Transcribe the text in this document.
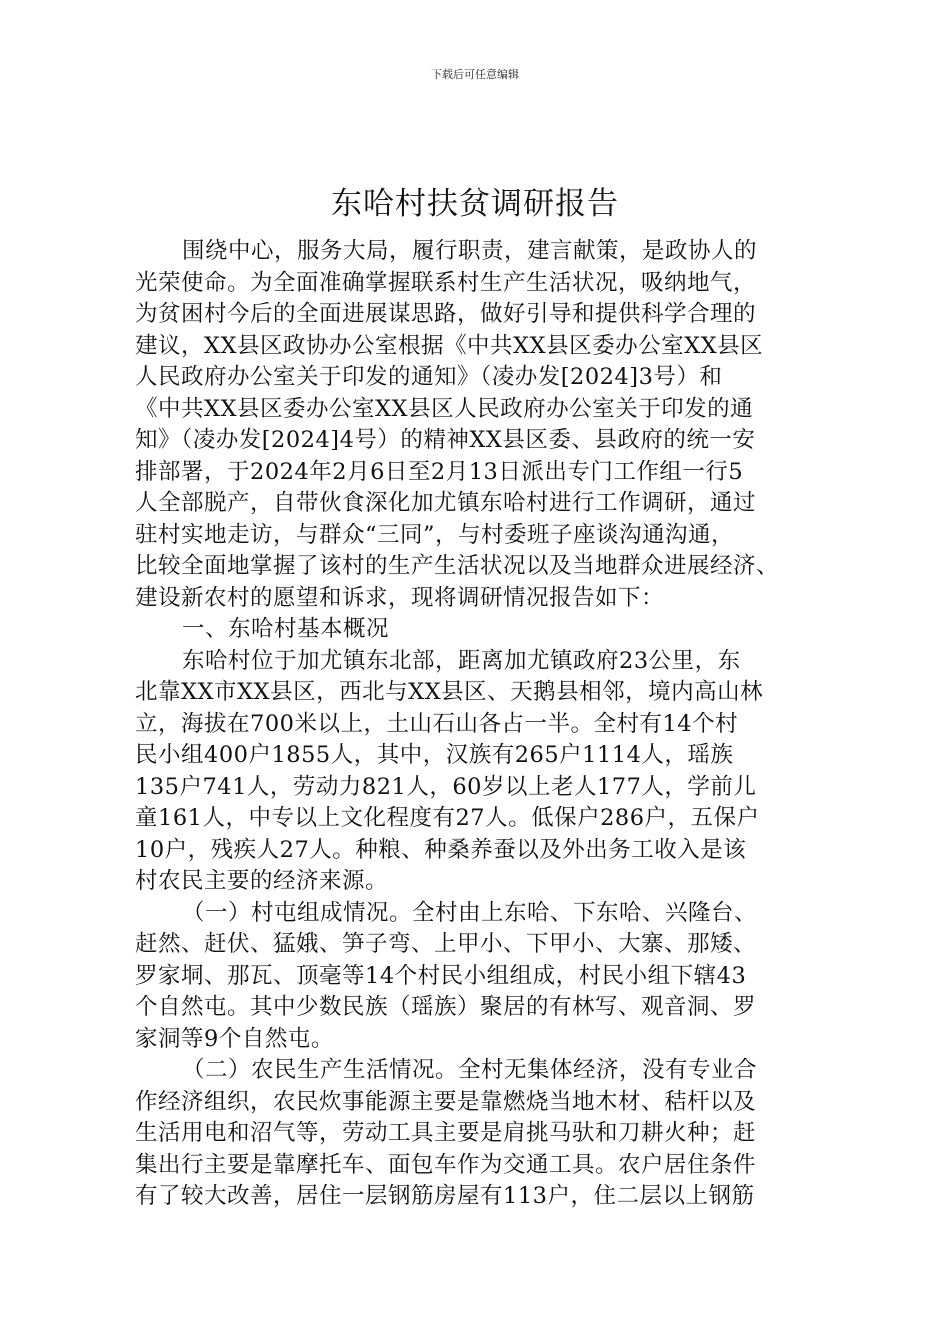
下载后可任意编辑
东哈村扶贫调研报告

围绕中心，服务大局，履行职责，建言献策，是政协人的
光荣使命。为全面准确掌握联系村生产生活状况，吸纳地气，
为贫困村今后的全面进展谋思路，做好引导和提供科学合理的
建议，XX县区政协办公室根据《中共XX县区委办公室XX县区
人民政府办公室关于印发的通知》（凌办发[2024]3号）和
《中共XX县区委办公室XX县区人民政府办公室关于印发的通
知》（凌办发[2024]4号）的精神XX县区委、县政府的统一安
排部署，于2024年2月6日至2月13日派出专门工作组一行5
人全部脱产，自带伙食深化加尤镇东哈村进行工作调研，通过
驻村实地走访，与群众“三同”，与村委班子座谈沟通沟通，
比较全面地掌握了该村的生产生活状况以及当地群众进展经济、
建设新农村的愿望和诉求，现将调研情况报告如下：

一、东哈村基本概况

东哈村位于加尤镇东北部，距离加尤镇政府23公里，东
北靠XX市XX县区，西北与XX县区、天鹅县相邻，境内高山林
立，海拔在700米以上，土山石山各占一半。全村有14个村
民小组400户1855人，其中，汉族有265户1114人，瑶族
135户741人，劳动力821人，60岁以上老人177人，学前儿
童161人，中专以上文化程度有27人。低保户286户，五保户
10户，残疾人27人。种粮、种桑养蚕以及外出务工收入是该
村农民主要的经济来源。

（一）村屯组成情况。全村由上东哈、下东哈、兴隆台、
赶然、赶伏、猛娥、笋子弯、上甲小、下甲小、大寨、那矮、
罗家垌、那瓦、顶毫等14个村民小组组成，村民小组下辖43
个自然屯。其中少数民族（瑶族）聚居的有林写、观音洞、罗
家洞等9个自然屯。

（二）农民生产生活情况。全村无集体经济，没有专业合
作经济组织，农民炊事能源主要是靠燃烧当地木材、秸杆以及
生活用电和沼气等，劳动工具主要是肩挑马驮和刀耕火种；赶
集出行主要是靠摩托车、面包车作为交通工具。农户居住条件
有了较大改善，居住一层钢筋房屋有113户，住二层以上钢筋
